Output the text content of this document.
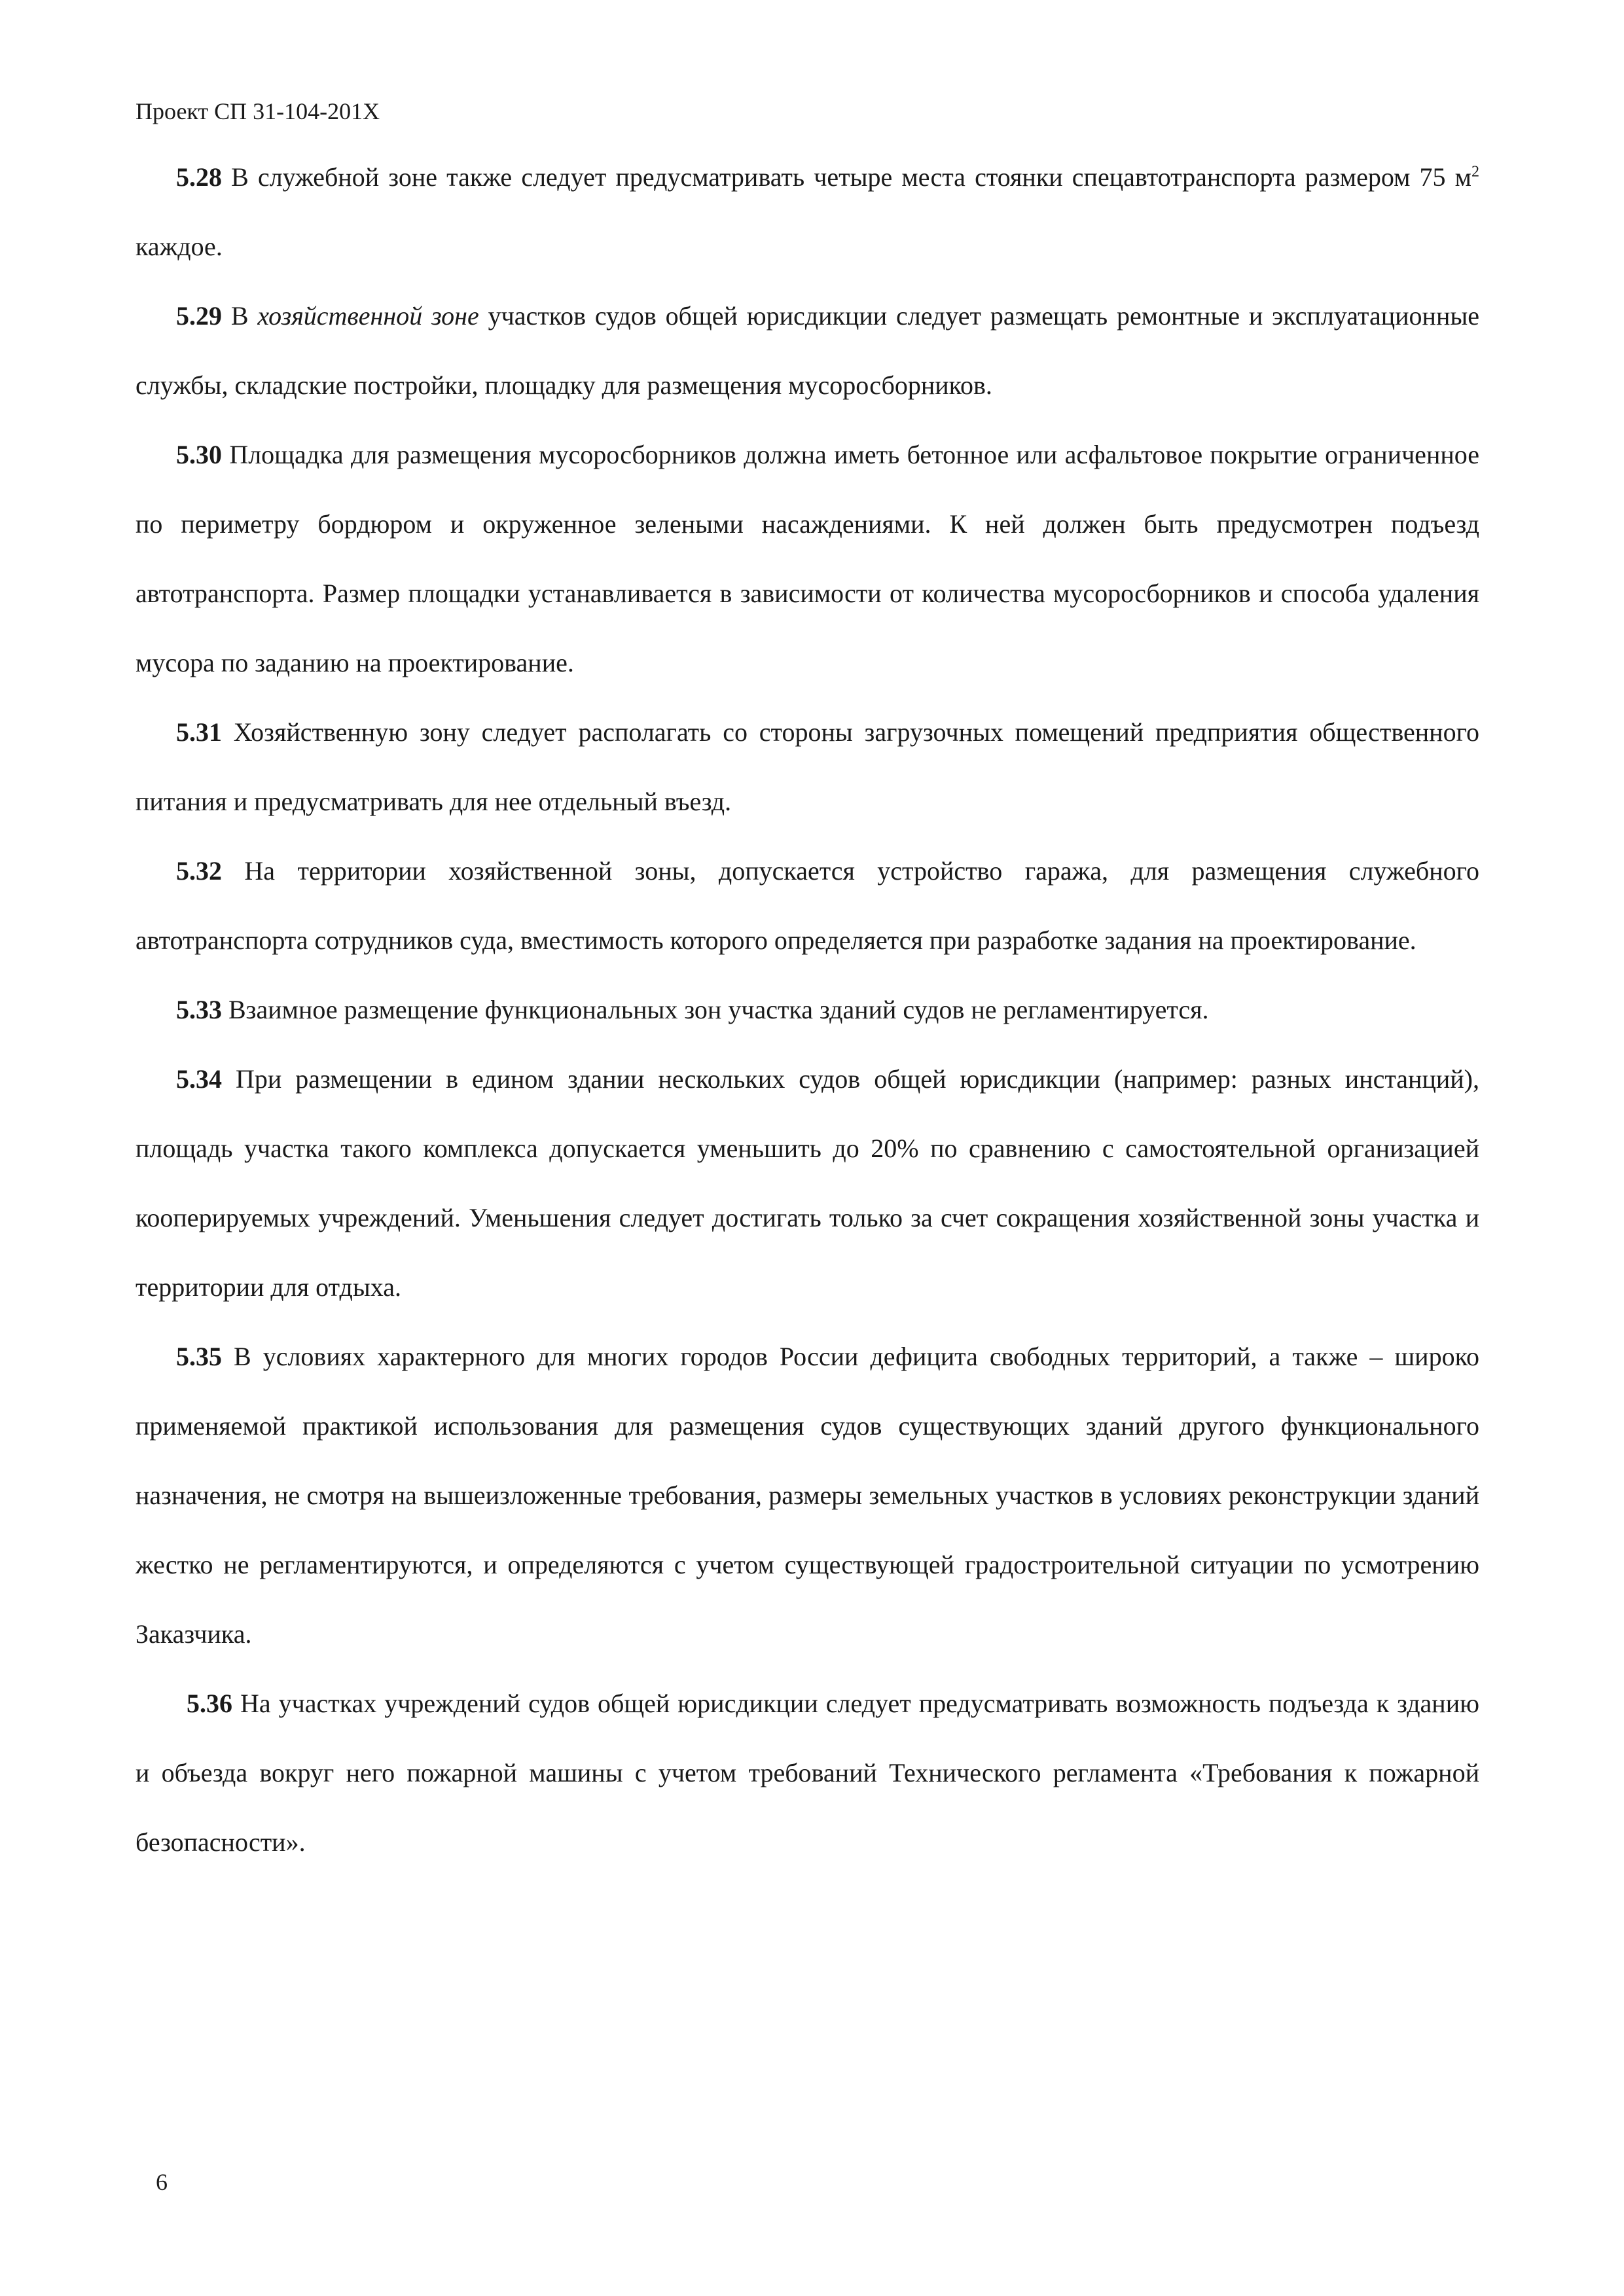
Проект СП 31-104-201Х

5.28 В служебной зоне также следует предусматривать четыре места стоянки спецавтотранспорта размером 75 $м^2$ каждое.

5.29 В хозяйственной зоне участков судов общей юрисдикции следует размещать ремонтные и эксплуатационные службы, складские постройки, площадку для размещения мусоросборников.

5.30 Площадка для размещения мусоросборников должна иметь бетонное или асфальтовое покрытие ограниченное по периметру бордюром и окруженное зелеными насаждениями. К ней должен быть предусмотрен подъезд автотранспорта. Размер площадки устанавливается в зависимости от количества мусоросборников и способа удаления мусора по заданию на проектирование.

5.31 Хозяйственную зону следует располагать со стороны загрузочных помещений предприятия общественного питания и предусматривать для нее отдельный въезд.

5.32 На территории хозяйственной зоны, допускается устройство гаража, для размещения служебного автотранспорта сотрудников суда, вместимость которого определяется при разработке задания на проектирование.

5.33 Взаимное размещение функциональных зон участка зданий судов не регламентируется.

5.34 При размещении в едином здании нескольких судов общей юрисдикции (например: разных инстанций), площадь участка такого комплекса допускается уменьшить до 20% по сравнению с самостоятельной организацией кооперируемых учреждений. Уменьшения следует достигать только за счет сокращения хозяйственной зоны участка и территории для отдыха.

5.35 В условиях характерного для многих городов России дефицита свободных территорий, а также – широко применяемой практикой использования для размещения судов существующих зданий другого функционального назначения, не смотря на вышеизложенные требования, размеры земельных участков в условиях реконструкции зданий жестко не регламентируются, и определяются с учетом существующей градостроительной ситуации по усмотрению Заказчика.

5.36 На участках учреждений судов общей юрисдикции следует предусматривать возможность подъезда к зданию и объезда вокруг него пожарной машины с учетом требований Технического регламента «Требования к пожарной безопасности».

6
